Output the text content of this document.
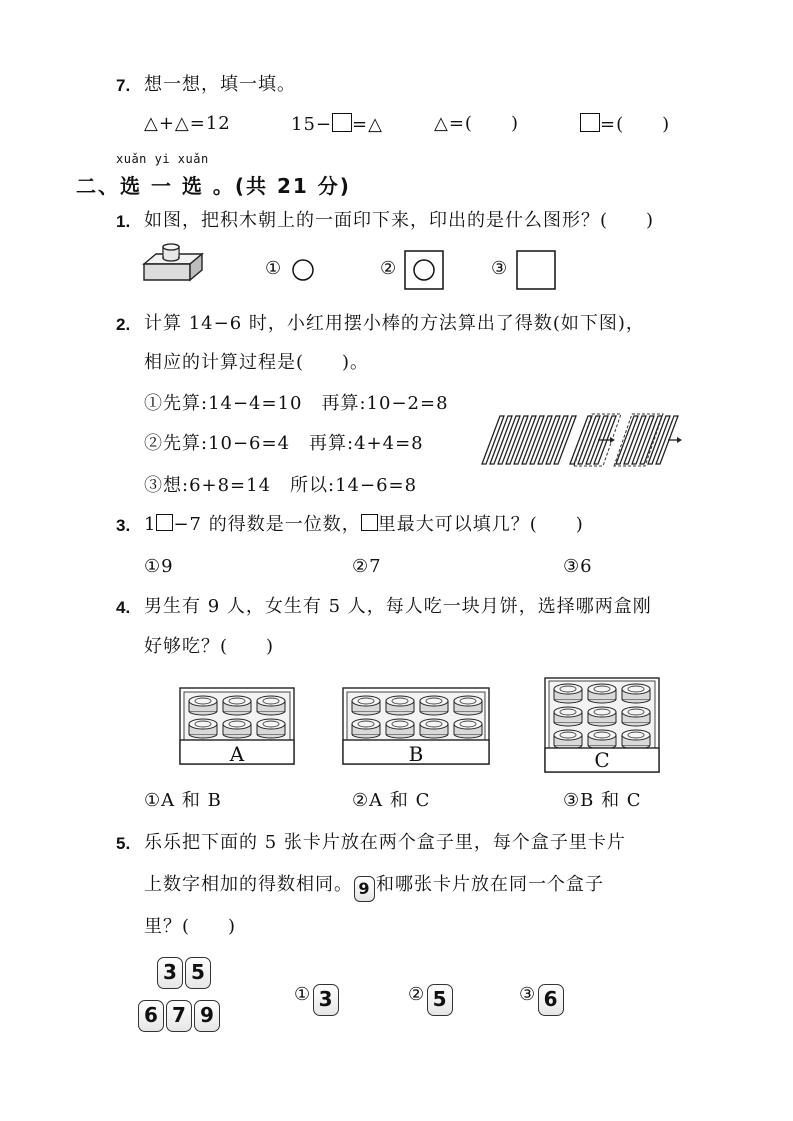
7. 想一想，填一填。
△+△=12	15− =△	△=(　　)	=(　　)
xuǎn yi xuǎn
二、选 一 选 。(共 21 分)
1. 如图，把积木朝上的一面印下来，印出的是什么图形？(　　)
①	②	③
2. 计算 14−6 时，小红用摆小棒的方法算出了得数(如下图)，
相应的计算过程是(　　)。
①先算:14−4=10　再算:10−2=8
②先算:10−6=4　再算:4+4=8
③想:6+8=14　所以:14−6=8
3. 1 −7 的得数是一位数， 里最大可以填几？(　　)
①9	②7	③6
4. 男生有 9 人，女生有 5 人，每人吃一块月饼，选择哪两盒刚
好够吃？(　　)
A	B	C
①A 和 B	②A 和 C	③B 和 C
5. 乐乐把下面的 5 张卡片放在两个盒子里，每个盒子里卡片
上数字相加的得数相同。 9 和哪张卡片放在同一个盒子
里？(　　)
3 5
6 7 9
① 3	② 5	③ 6
